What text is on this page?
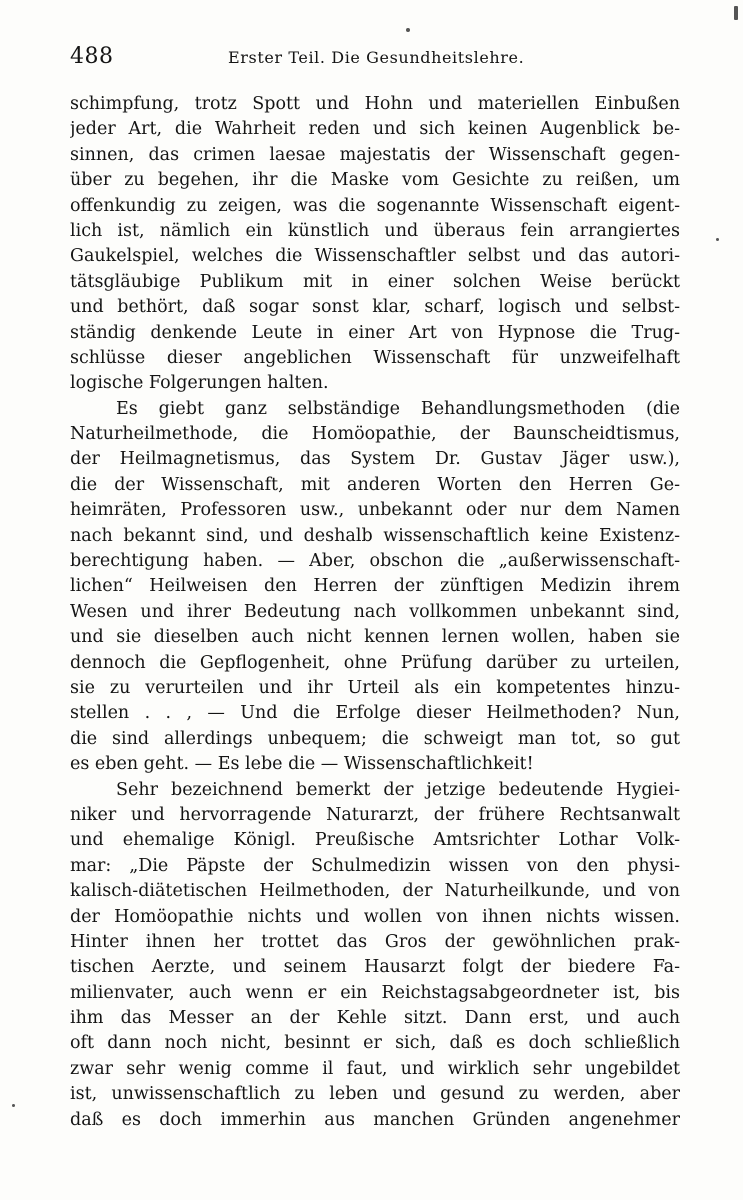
488	Erster Teil. Die Gesundheitslehre.
schimpfung, trotz Spott und Hohn und materiellen Einbußen
jeder Art, die Wahrheit reden und sich keinen Augenblick be-
sinnen, das crimen laesae majestatis der Wissenschaft gegen-
über zu begehen, ihr die Maske vom Gesichte zu reißen, um
offenkundig zu zeigen, was die sogenannte Wissenschaft eigent-
lich ist, nämlich ein künstlich und überaus fein arrangiertes
Gaukelspiel, welches die Wissenschaftler selbst und das autori-
tätsgläubige Publikum mit in einer solchen Weise berückt
und bethört, daß sogar sonst klar, scharf, logisch und selbst-
ständig denkende Leute in einer Art von Hypnose die Trug-
schlüsse dieser angeblichen Wissenschaft für unzweifelhaft
logische Folgerungen halten.
Es giebt ganz selbständige Behandlungsmethoden (die
Naturheilmethode, die Homöopathie, der Baunscheidtismus,
der Heilmagnetismus, das System Dr. Gustav Jäger usw.),
die der Wissenschaft, mit anderen Worten den Herren Ge-
heimräten, Professoren usw., unbekannt oder nur dem Namen
nach bekannt sind, und deshalb wissenschaftlich keine Existenz-
berechtigung haben. — Aber, obschon die „außerwissenschaft-
lichen“ Heilweisen den Herren der zünftigen Medizin ihrem
Wesen und ihrer Bedeutung nach vollkommen unbekannt sind,
und sie dieselben auch nicht kennen lernen wollen, haben sie
dennoch die Gepflogenheit, ohne Prüfung darüber zu urteilen,
sie zu verurteilen und ihr Urteil als ein kompetentes hinzu-
stellen . . , — Und die Erfolge dieser Heilmethoden? Nun,
die sind allerdings unbequem; die schweigt man tot, so gut
es eben geht. — Es lebe die — Wissenschaftlichkeit!
Sehr bezeichnend bemerkt der jetzige bedeutende Hygiei-
niker und hervorragende Naturarzt, der frühere Rechtsanwalt
und ehemalige Königl. Preußische Amtsrichter Lothar Volk-
mar: „Die Päpste der Schulmedizin wissen von den physi-
kalisch-diätetischen Heilmethoden, der Naturheilkunde, und von
der Homöopathie nichts und wollen von ihnen nichts wissen.
Hinter ihnen her trottet das Gros der gewöhnlichen prak-
tischen Aerzte, und seinem Hausarzt folgt der biedere Fa-
milienvater, auch wenn er ein Reichstagsabgeordneter ist, bis
ihm das Messer an der Kehle sitzt. Dann erst, und auch
oft dann noch nicht, besinnt er sich, daß es doch schließlich
zwar sehr wenig comme il faut, und wirklich sehr ungebildet
ist, unwissenschaftlich zu leben und gesund zu werden, aber
daß es doch immerhin aus manchen Gründen angenehmer
